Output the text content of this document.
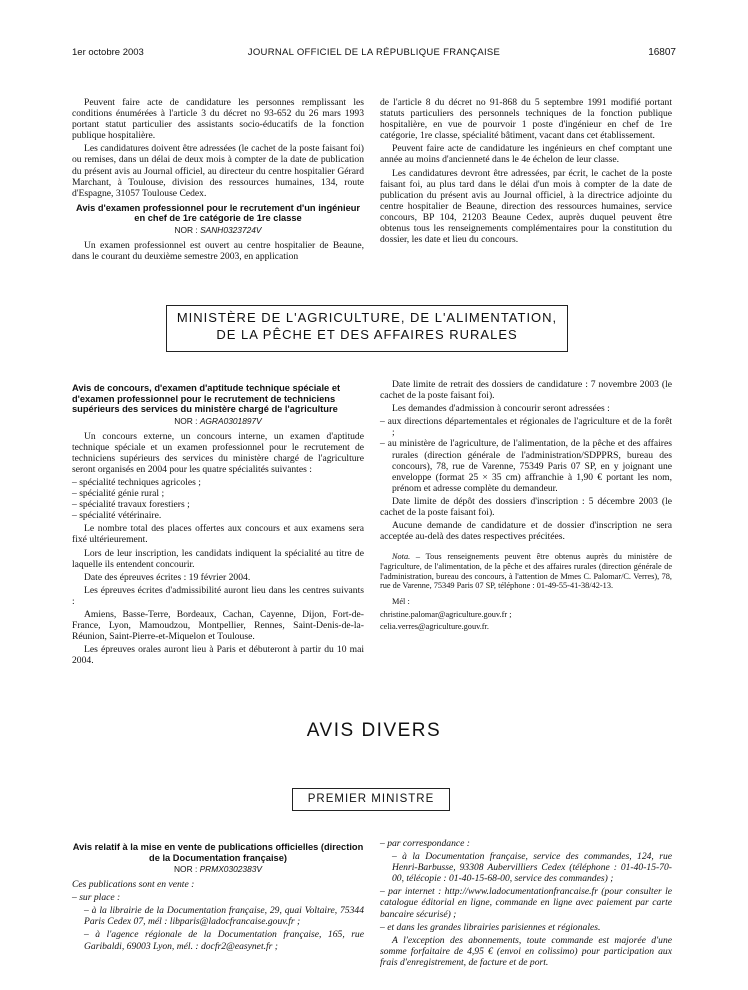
1er octobre 2003	JOURNAL OFFICIEL DE LA RÉPUBLIQUE FRANÇAISE	16807

Peuvent faire acte de candidature les personnes remplissant les conditions énumérées à l'article 3 du décret no 93-652 du 26 mars 1993 portant statut particulier des assistants socio-éducatifs de la fonction publique hospitalière.

Les candidatures doivent être adressées (le cachet de la poste faisant foi) ou remises, dans un délai de deux mois à compter de la date de publication du présent avis au Journal officiel, au directeur du centre hospitalier Gérard Marchant, à Toulouse, division des ressources humaines, 134, route d'Espagne, 31057 Toulouse Cedex.

Avis d'examen professionnel pour le recrutement d'un ingénieur en chef de 1re catégorie de 1re classe
NOR : SANH0323724V

Un examen professionnel est ouvert au centre hospitalier de Beaune, dans le courant du deuxième semestre 2003, en application

de l'article 8 du décret no 91-868 du 5 septembre 1991 modifié portant statuts particuliers des personnels techniques de la fonction publique hospitalière, en vue de pourvoir 1 poste d'ingénieur en chef de 1re catégorie, 1re classe, spécialité bâtiment, vacant dans cet établissement.

Peuvent faire acte de candidature les ingénieurs en chef comptant une année au moins d'ancienneté dans le 4e échelon de leur classe.

Les candidatures devront être adressées, par écrit, le cachet de la poste faisant foi, au plus tard dans le délai d'un mois à compter de la date de publication du présent avis au Journal officiel, à la directrice adjointe du centre hospitalier de Beaune, direction des ressources humaines, service concours, BP 104, 21203 Beaune Cedex, auprès duquel peuvent être obtenus tous les renseignements complémentaires pour la constitution du dossier, les date et lieu du concours.

MINISTÈRE DE L'AGRICULTURE, DE L'ALIMENTATION,
DE LA PÊCHE ET DES AFFAIRES RURALES
Avis de concours, d'examen d'aptitude technique spéciale et d'examen professionnel pour le recrutement de techniciens supérieurs des services du ministère chargé de l'agriculture
NOR : AGRA0301897V

Un concours externe, un concours interne, un examen d'aptitude technique spéciale et un examen professionnel pour le recrutement de techniciens supérieurs des services du ministère chargé de l'agriculture seront organisés en 2004 pour les quatre spécialités suivantes :

– spécialité techniques agricoles ;
– spécialité génie rural ;
– spécialité travaux forestiers ;
– spécialité vétérinaire.

Le nombre total des places offertes aux concours et aux examens sera fixé ultérieurement.

Lors de leur inscription, les candidats indiquent la spécialité au titre de laquelle ils entendent concourir.

Date des épreuves écrites : 19 février 2004.

Les épreuves écrites d'admissibilité auront lieu dans les centres suivants :

Amiens, Basse-Terre, Bordeaux, Cachan, Cayenne, Dijon, Fort-de-France, Lyon, Mamoudzou, Montpellier, Rennes, Saint-Denis-de-la-Réunion, Saint-Pierre-et-Miquelon et Toulouse.

Les épreuves orales auront lieu à Paris et débuteront à partir du 10 mai 2004.

Date limite de retrait des dossiers de candidature : 7 novembre 2003 (le cachet de la poste faisant foi).

Les demandes d'admission à concourir seront adressées :

– aux directions départementales et régionales de l'agriculture et de la forêt ;
– au ministère de l'agriculture, de l'alimentation, de la pêche et des affaires rurales (direction générale de l'administration/SDPPRS, bureau des concours), 78, rue de Varenne, 75349 Paris 07 SP, en y joignant une enveloppe (format 25 × 35 cm) affranchie à 1,90 € portant les nom, prénom et adresse complète du demandeur.

Date limite de dépôt des dossiers d'inscription : 5 décembre 2003 (le cachet de la poste faisant foi).

Aucune demande de candidature et de dossier d'inscription ne sera acceptée au-delà des dates respectives précitées.

Nota. – Tous renseignements peuvent être obtenus auprès du ministère de l'agriculture, de l'alimentation, de la pêche et des affaires rurales (direction générale de l'administration, bureau des concours, à l'attention de Mmes C. Palomar/C. Verres), 78, rue de Varenne, 75349 Paris 07 SP, téléphone : 01-49-55-41-38/42-13.

Mél :

christine.palomar@agriculture.gouv.fr ;

celia.verres@agriculture.gouv.fr.

AVIS DIVERS
PREMIER MINISTRE
Avis relatif à la mise en vente de publications officielles (direction de la Documentation française)
NOR : PRMX0302383V

Ces publications sont en vente :

– sur place :

– à la librairie de la Documentation française, 29, quai Voltaire, 75344 Paris Cedex 07, mél : libparis@ladocfrancaise.gouv.fr ;

– à l'agence régionale de la Documentation française, 165, rue Garibaldi, 69003 Lyon, mél. : docfr2@easynet.fr ;

– par correspondance :

– à la Documentation française, service des commandes, 124, rue Henri-Barbusse, 93308 Aubervilliers Cedex (téléphone : 01-40-15-70-00, télécopie : 01-40-15-68-00, service des commandes) ;

– par internet : http://www.ladocumentationfrancaise.fr (pour consulter le catalogue éditorial en ligne, commande en ligne avec paiement par carte bancaire sécurisé) ;

– et dans les grandes librairies parisiennes et régionales.

A l'exception des abonnements, toute commande est majorée d'une somme forfaitaire de 4,95 € (envoi en colissimo) pour participation aux frais d'enregistrement, de facture et de port.
